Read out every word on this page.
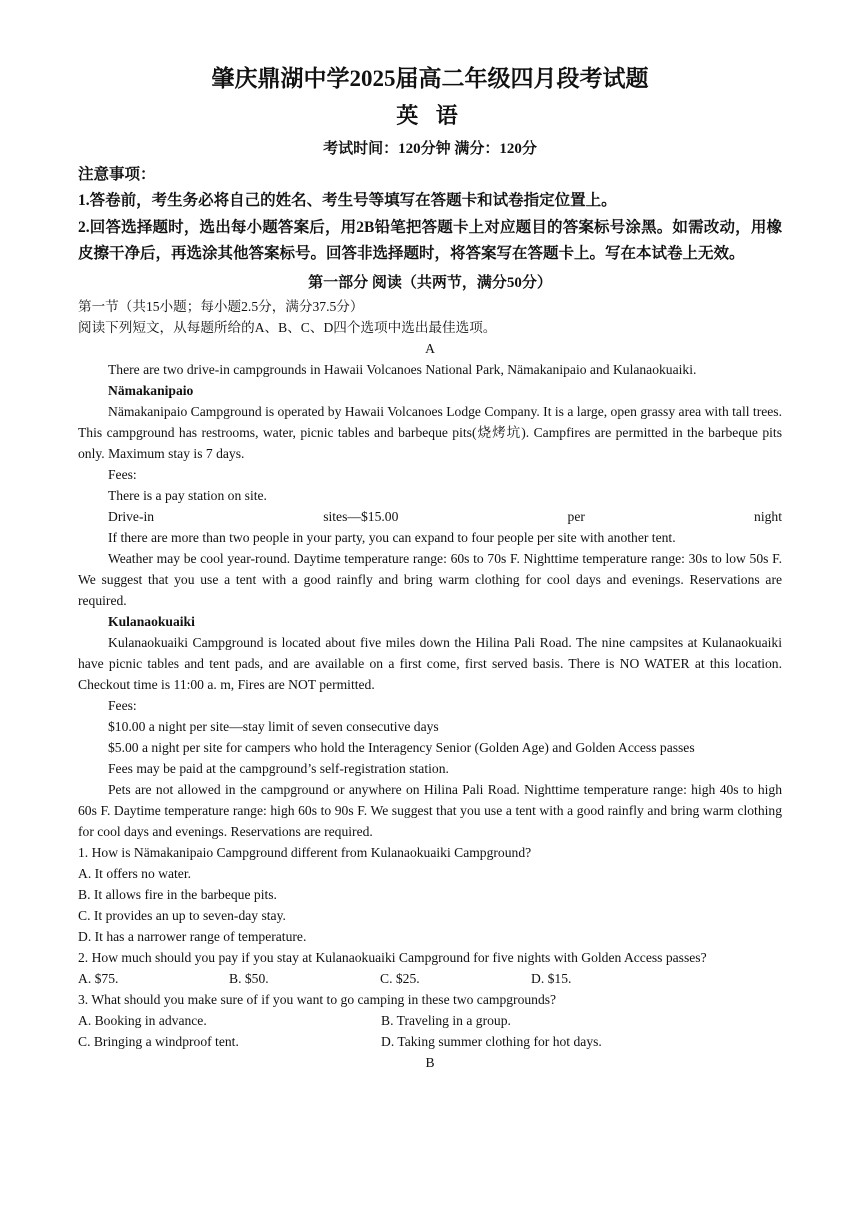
肇庆鼎湖中学2025届高二年级四月段考试题

英 语

考试时间：120分钟 满分：120分

注意事项：

1.答卷前，考生务必将自己的姓名、考生号等填写在答题卡和试卷指定位置上。

2.回答选择题时，选出每小题答案后，用2B铅笔把答题卡上对应题目的答案标号涂黑。如需改动，用橡皮擦干净后，再选涂其他答案标号。回答非选择题时，将答案写在答题卡上。写在本试卷上无效。

第一部分 阅读（共两节，满分50分）

第一节（共15小题；每小题2.5分，满分37.5分）

阅读下列短文，从每题所给的A、B、C、D四个选项中选出最佳选项。

A

There are two drive-in campgrounds in Hawaii Volcanoes National Park, Nämakanipaio and Kulanaokuaiki.

Nämakanipaio

Nämakanipaio Campground is operated by Hawaii Volcanoes Lodge Company. It is a large, open grassy area with tall trees. This campground has restrooms, water, picnic tables and barbeque pits(烧烤坑). Campfires are permitted in the barbeque pits only. Maximum stay is 7 days.

Fees:

There is a pay station on site.

Drive-in	sites—$15.00	per	night

If there are more than two people in your party, you can expand to four people per site with another tent.

Weather may be cool year-round. Daytime temperature range: 60s to 70s F. Nighttime temperature range: 30s to low 50s F. We suggest that you use a tent with a good rainfly and bring warm clothing for cool days and evenings. Reservations are required.

Kulanaokuaiki

Kulanaokuaiki Campground is located about five miles down the Hilina Pali Road. The nine campsites at Kulanaokuaiki have picnic tables and tent pads, and are available on a first come, first served basis. There is NO WATER at this location. Checkout time is 11:00 a. m, Fires are NOT permitted.

Fees:

$10.00 a night per site—stay limit of seven consecutive days

$5.00 a night per site for campers who hold the Interagency Senior (Golden Age) and Golden Access passes

Fees may be paid at the campground’s self-registration station.

Pets are not allowed in the campground or anywhere on Hilina Pali Road. Nighttime temperature range: high 40s to high 60s F. Daytime temperature range: high 60s to 90s F. We suggest that you use a tent with a good rainfly and bring warm clothing for cool days and evenings. Reservations are required.

1. How is Nämakanipaio Campground different from Kulanaokuaiki Campground?

A. It offers no water.

B. It allows fire in the barbeque pits.

C. It provides an up to seven-day stay.

D. It has a narrower range of temperature.

2. How much should you pay if you stay at Kulanaokuaiki Campground for five nights with Golden Access passes?

A. $75.	B. $50.	C. $25.	D. $15.

3. What should you make sure of if you want to go camping in these two campgrounds?

A. Booking in advance.	B. Traveling in a group.
C. Bringing a windproof tent.	D. Taking summer clothing for hot days.

B
